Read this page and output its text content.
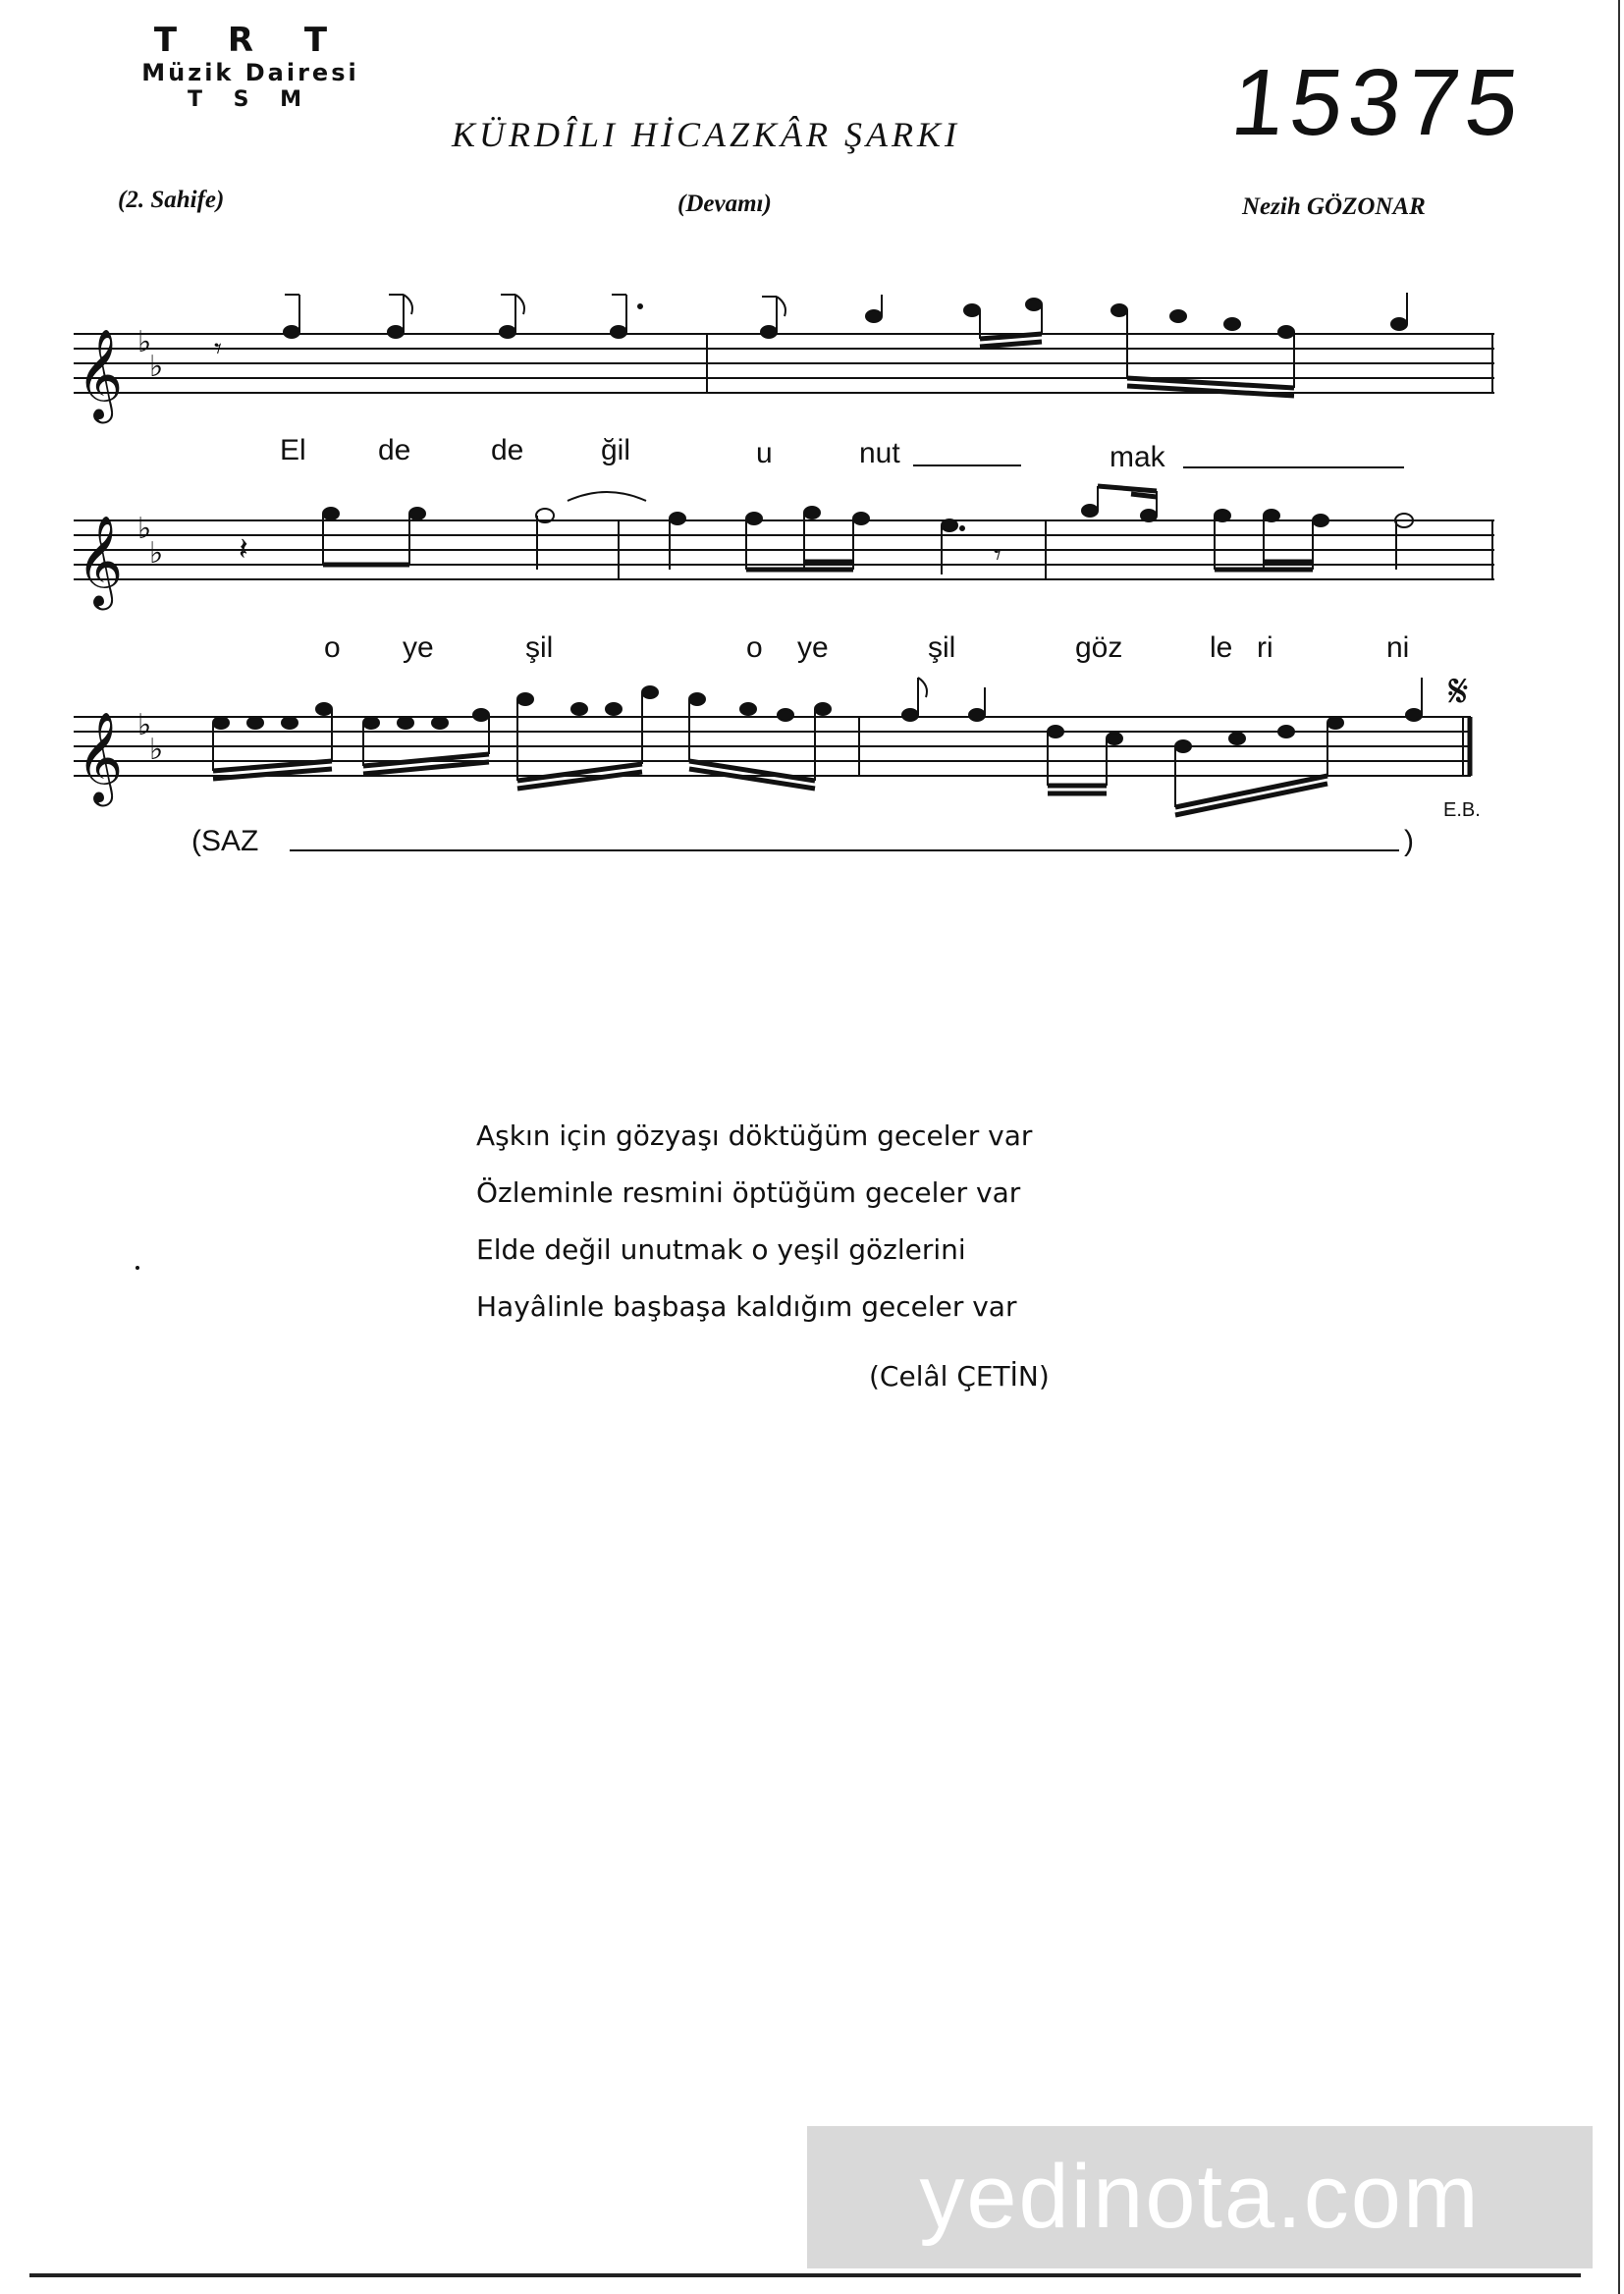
T R T
Müzik Dairesi
T S M
KÜRDÎLI HİCAZKÂR ŞARKI	15375
(2. Sahife)	(Devamı)	Nezih GÖZONAR
𝄞
𝄞
𝄞
♭
♭
♭
♭
♭
♭
𝄾
𝄽	𝄾
𝄋
El de	de	ğil	u	nut	mak
o ye	şil	o ye	şil	göz	le ri	ni
(SAZ	)
E.B.
Aşkın için gözyaşı döktüğüm geceler var
Özleminle resmini öptüğüm geceler var
Elde değil unutmak o yeşil gözlerini
Hayâlinle başbaşa kaldığım geceler var
(Celâl ÇETİN)
yedinota.com
